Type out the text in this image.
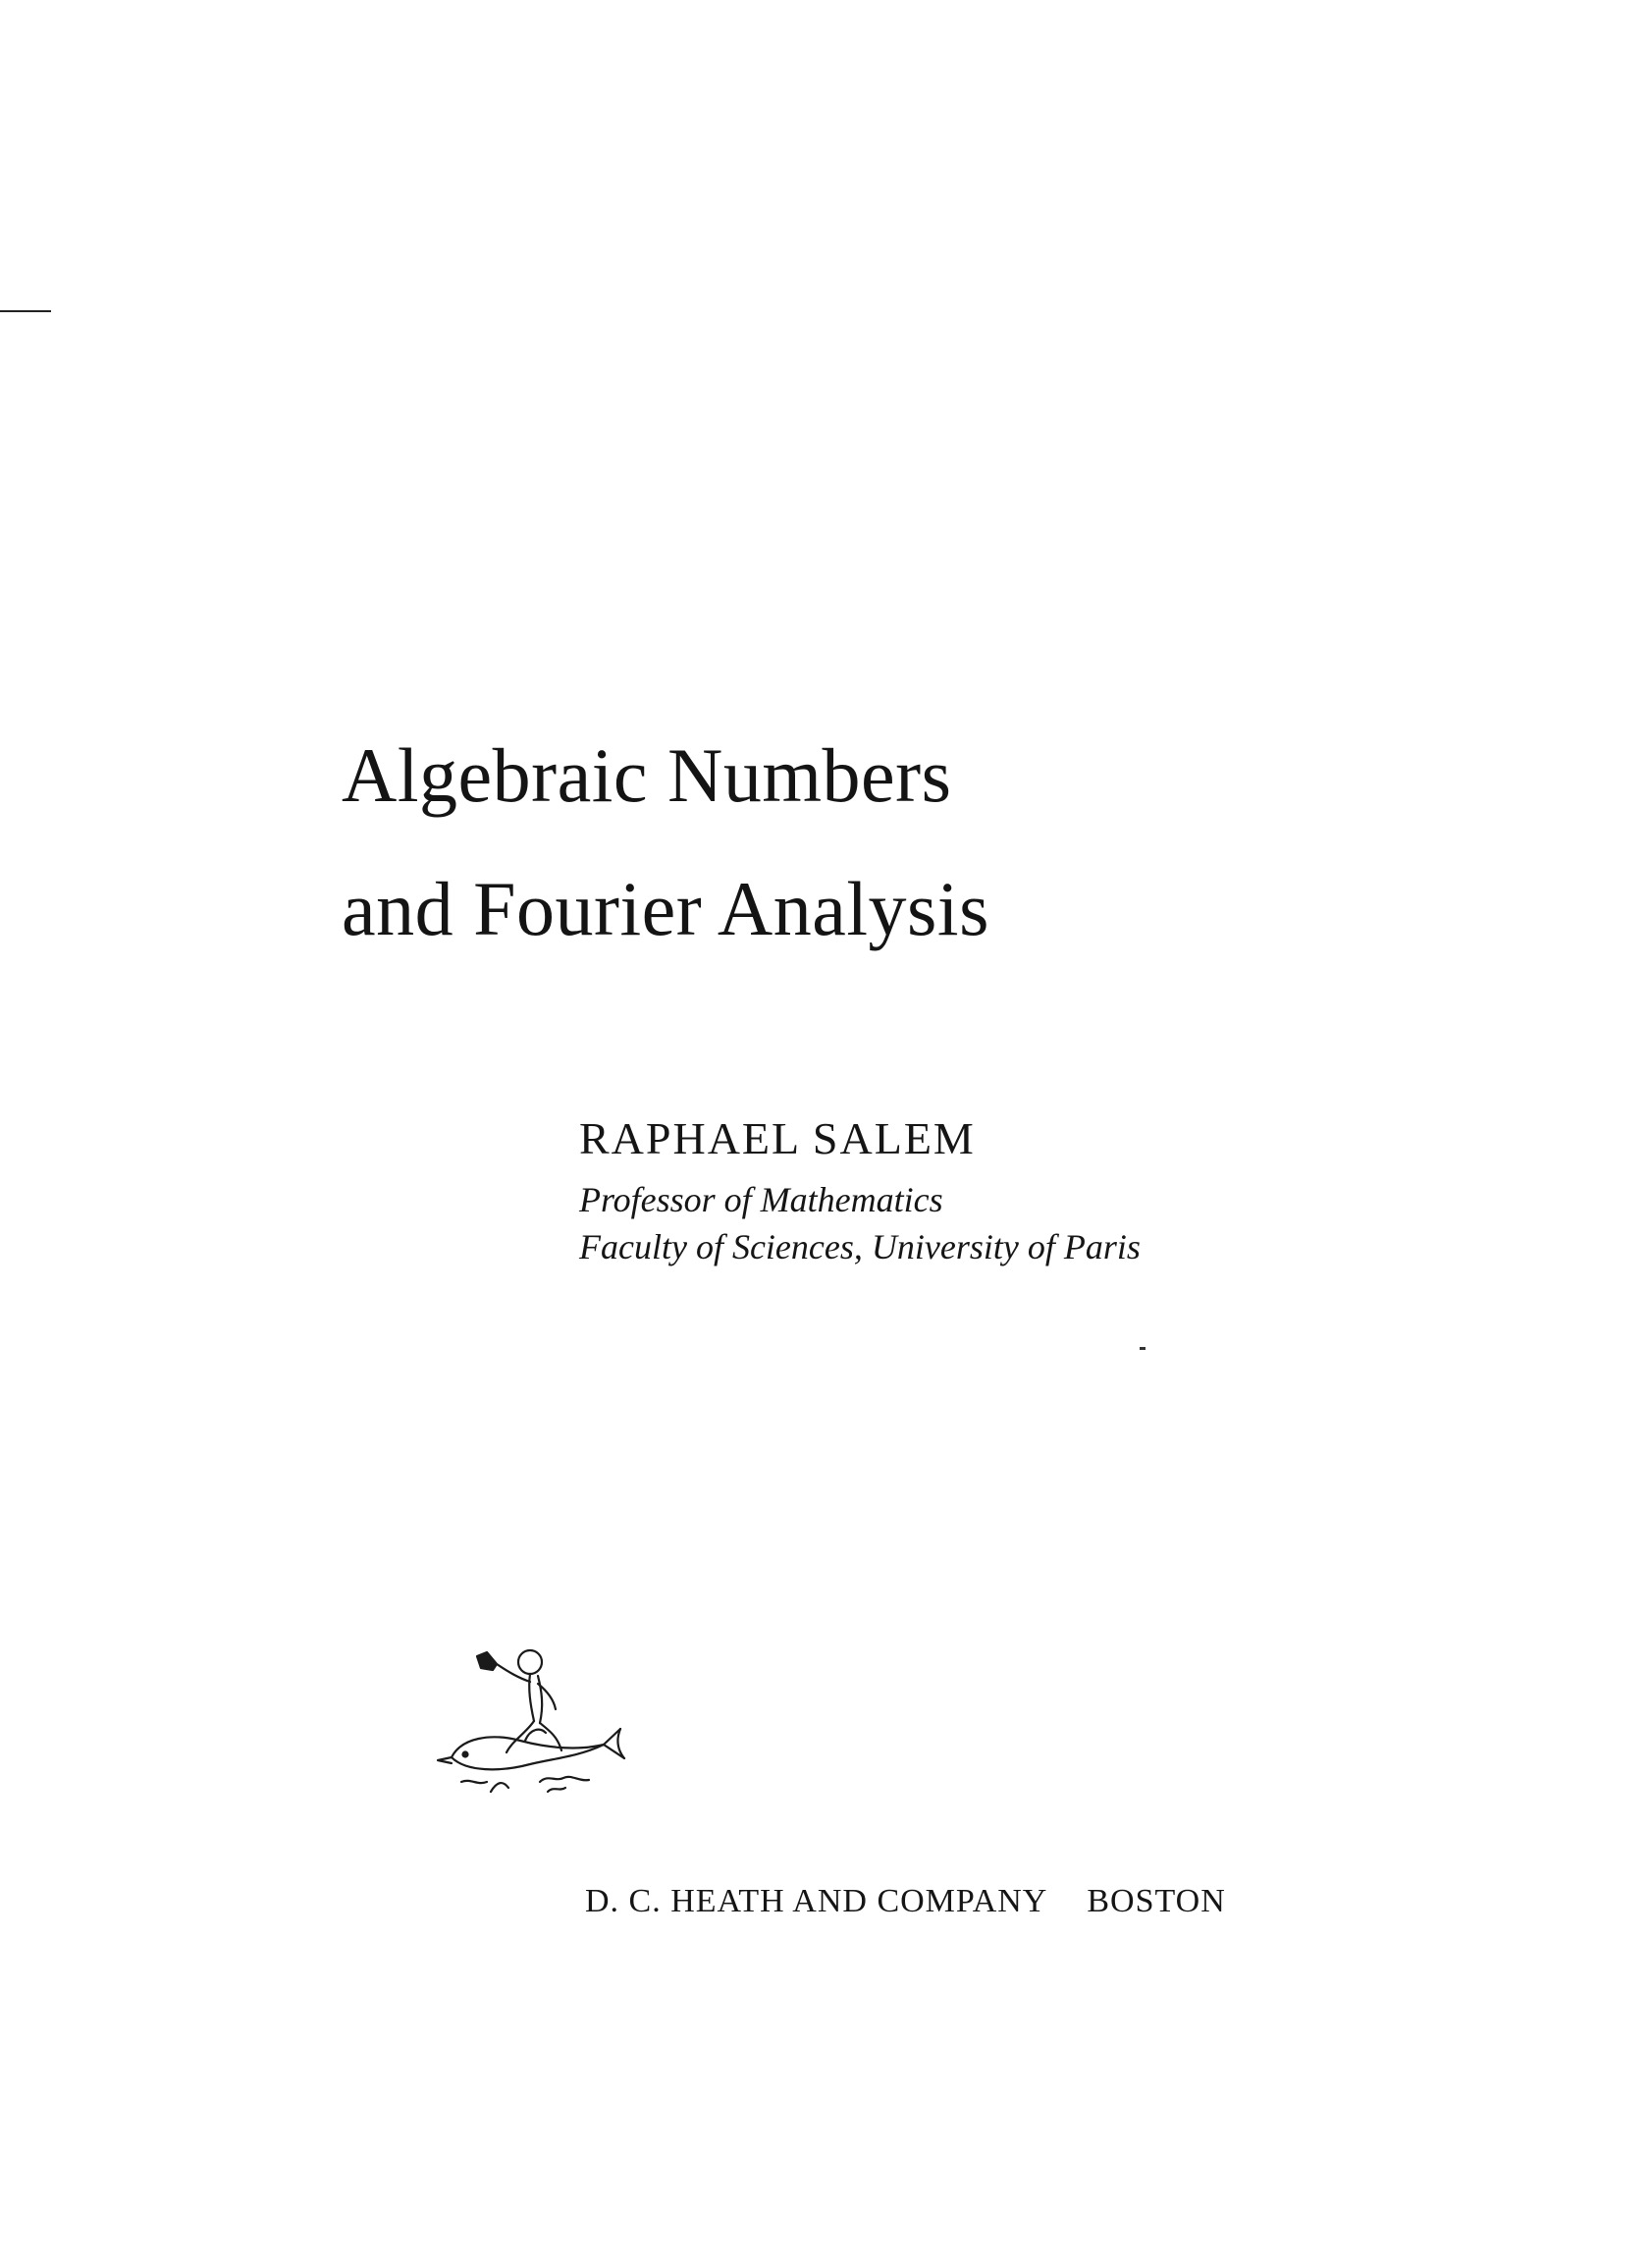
Algebraic Numbers
and Fourier Analysis

RAPHAEL SALEM

Professor of Mathematics

Faculty of Sciences, University of Paris

D. C. HEATH AND COMPANY BOSTON
